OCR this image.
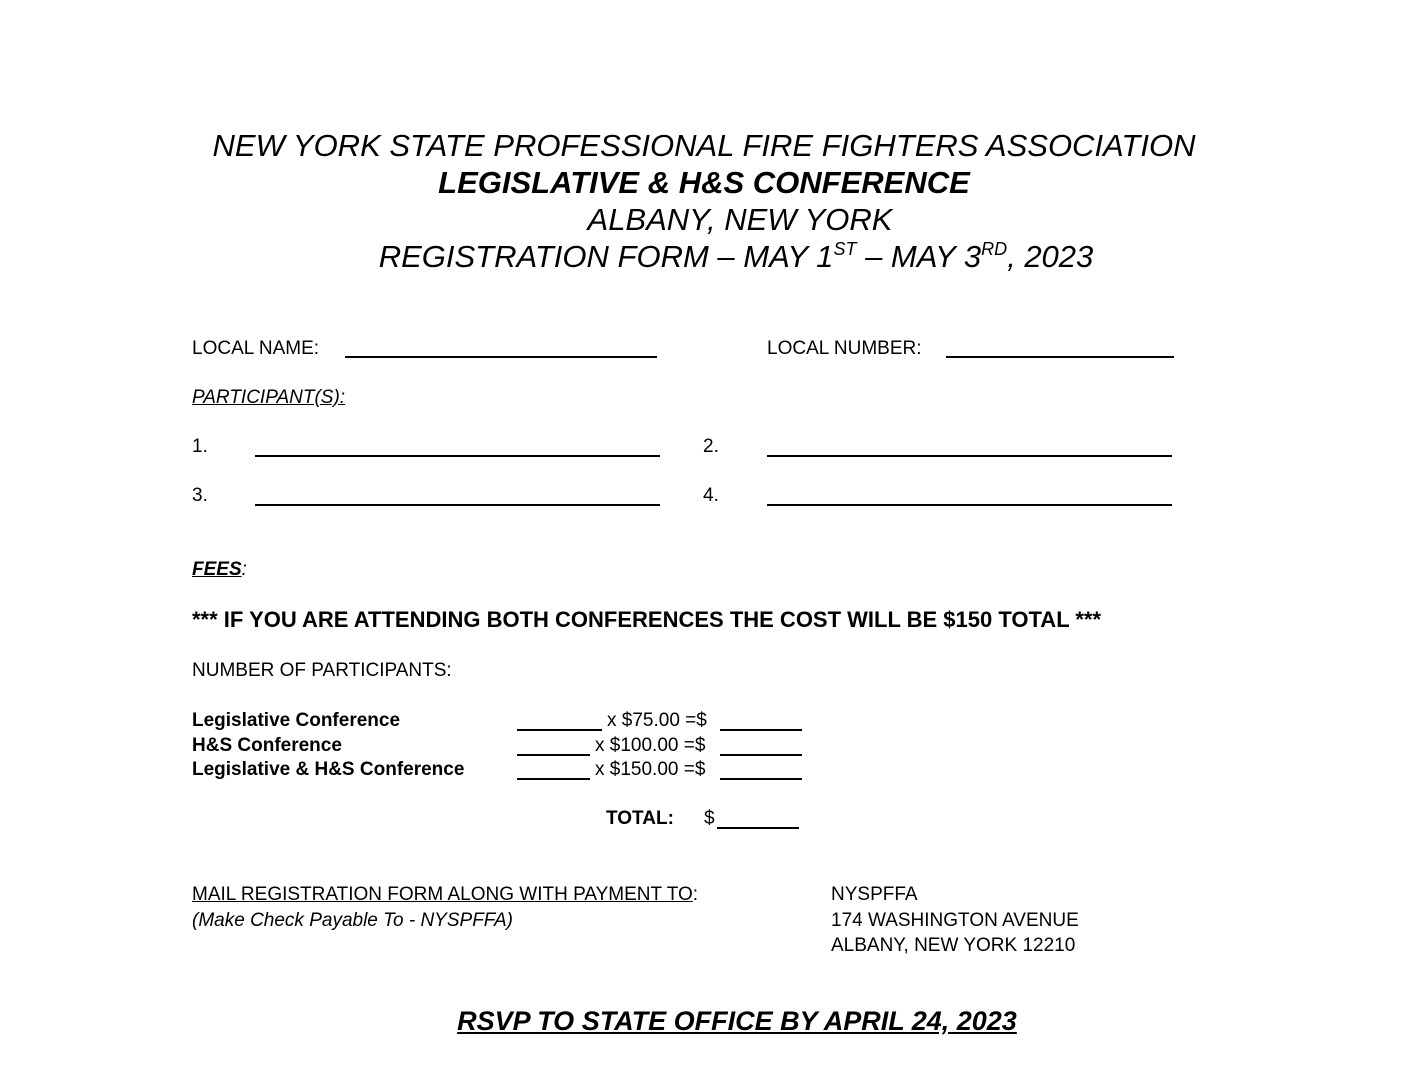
NEW YORK STATE PROFESSIONAL FIRE FIGHTERS ASSOCIATION
LEGISLATIVE & H&S CONFERENCE
ALBANY, NEW YORK
REGISTRATION FORM – MAY 1ST – MAY 3RD, 2023
LOCAL NAME:	LOCAL NUMBER:
PARTICIPANT(S):
1.	2.
3.	4.
FEES:
*** IF YOU ARE ATTENDING BOTH CONFERENCES THE COST WILL BE $150 TOTAL ***
NUMBER OF PARTICIPANTS:
Legislative Conference	x $75.00 =$
H&S Conference	x $100.00 =$
Legislative & H&S Conference	x $150.00 =$
TOTAL: $
MAIL REGISTRATION FORM ALONG WITH PAYMENT TO:
(Make Check Payable To - NYSPFFA)
NYSPFFA
174 WASHINGTON AVENUE
ALBANY, NEW YORK 12210
RSVP TO STATE OFFICE BY APRIL 24, 2023
